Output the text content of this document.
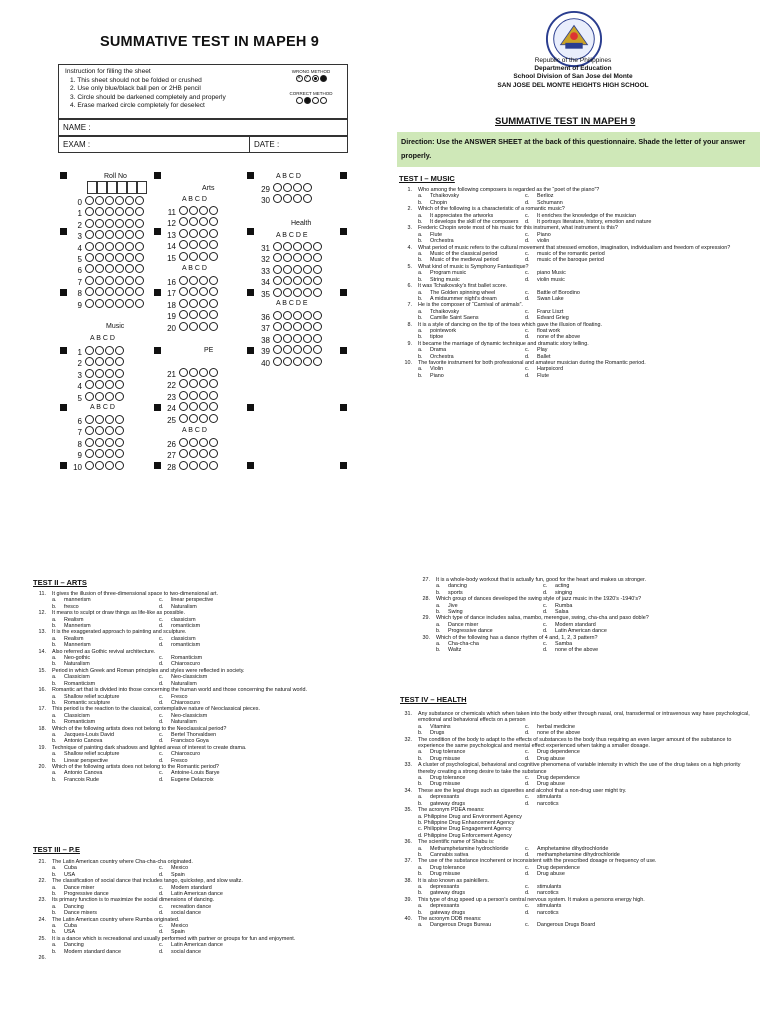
SUMMATIVE TEST IN MAPEH 9
Instruction for filling the sheet
1. This sheet should not be folded or crushed
2. Use only blue/black ball pen or 2HB pencil
3. Circle should be darkened completely and properly
4. Erase marked circle completely for deselect
WRONG METHOD
✕ ✓
CORRECT METHOD
NAME :
EXAM :	DATE :
Roll No
0
1
2
3
4
5
6
7
8
9
Music
A B C D
1
2
3
4
5
A B C D
6
7
8
9
10
Arts
A B C D
11
12
13
14
15
A B C D
16
17
18
19
20
PE
21
22
23
24
25
A B C D
26
27
28
A B C D
29
30
Health
A B C D E
31
32
33
34
35
A B C D E
36
37
38
39
40
Republic of the Philippines
Department of Education
School Division of San Jose del Monte
SAN JOSE DEL MONTE HEIGHTS HIGH SCHOOL
SUMMATIVE TEST IN MAPEH 9
Direction: Use the ANSWER SHEET at the back of this questionnaire. Shade the letter of your answer properly.
TEST I – MUSIC
1. Who among the following composers is regarded as the “poet of the piano”?
a. Tchaikovsky	c. Berlioz
b. Chopin	d. Schumann
2. Which of the following is a characteristic of a romantic music?
a. It appreciates the artworks	c. It enriches the knowledge of the musician
b. It develops the skill of the composers	d. It portrays literature, history, emotion and nature
3. Frederic Chopin wrote most of his music for this instrument, what instrument is this?
a. Flute	c. Piano
b. Orchestra	d. violin
4. What period of music refers to the cultural movement that stressed emotion, imagination, individualism and freedom of expression?
a. Music of the classical period	c. music of the romantic period
b. Music of the medieval period	d. music of the baroque period
5. What kind of music is Symphony Fantastique?
a. Program music	c. piano Music
b. String music	d. violin music
6. It was Tchaikovsky’s first ballet score.
a. The Golden spinning wheel	c. Battle of Borodino
b. A midsummer night’s dream	d. Swan Lake
7. He is the composer of “Carnival of animals”.
a. Tchaikovsky	c. Franz Liszt
b. Camille Saint Saens	d. Edvard Grieg
8. It is a style of dancing on the tip of the toes which gave the illusion of floating.
a. pointework	c. float work
b. tiptoe	d. none of the above
9. It became the marriage of dynamic technique and dramatic story telling.
a. Drama	c. Play
b. Orchestra	d. Ballet
10. The favorite instrument for both professional and amateur musician during the Romantic period.
a. Violin	c. Harpsicord
b. Piano	d. Flute
TEST II – ARTS
11. It gives the illusion of three-dimensional space to two-dimensional art.
a. mannerism	c. linear perspective
b. fresco	d. Naturalism
12. It means to sculpt or draw things as life-like as possible.
a. Realism	c. classicism
b. Mannerism	d. romanticism
13. It is the exaggerated approach to painting and sculpture.
a. Realism	c. classicism
b. Mannerism	d. romanticism
14. Also referred as Gothic revival architecture.
a. Neo-gothic	c. Romanticism
b. Naturalism	d. Chiaroscuro
15. Period in which Greek and Roman principles and styles were reflected in society.
a. Classicism	c. Neo-classicism
b. Romanticism	d. Naturalism
16. Romantic art that is divided into those concerning the human world and those concerning the natural world.
a. Shallow relief sculpture	c. Fresco
b. Romantic sculpture	d. Chiaroscuro
17. This period is the reaction to the classical, contemplative nature of Neoclassical pieces.
a. Classicism	c. Neo-classicism
b. Romanticism	d. Naturalism
18. Which of the following artists does not belong to the Neoclassical period?
a. Jacques-Louis David	c. Bertel Thorvaldsen
b. Antonio Canova	d. Francisco Goya
19. Technique of painting dark shadows and lighted areas of interest to create drama.
a. Shallow relief sculpture	c. Chiaroscuro
b. Linear perspective	d. Fresco
20. Which of the following artists does not belong to the Romantic period?
a. Antonio Canova	c. Antoine-Louis Barye
b. Francois Rude	d. Eugene Delacroix
TEST III – P.E
21. The Latin American country where Cha-cha-cha originated.
a. Cuba	c. Mexico
b. USA	d. Spain
22. The classification of social dance that includes tango, quickstep, and slow waltz.
a. Dance mixer	c. Modern standard
b. Progressive dance	d. Latin American dance
23. Its primary function is to maximize the social dimensions of dancing.
a. Dancing	c. recreation dance
b. Dance mixers	d. social dance
24. The Latin American country where Rumba originated.
a. Cuba	c. Mexico
b. USA	d. Spain
25. It is a dance which is recreational and usually performed with partner or groups for fun and enjoyment.
a. Dancing	c. Latin American dance
b. Modern standard dance	d. social dance
26.
27. It is a whole-body workout that is actually fun, good for the heart and makes us stronger.
a. dancing	c. acting
b. sports	d. singing
28. Which group of dances developed the swing style of jazz music in the 1920’s -1940’s?
a. Jive	c. Rumba
b. Swing	d. Salsa
29. Which type of dance includes salsa, mambo, merengue, swing, cha-cha and paso doble?
a. Dance mixer	c. Modern standard
b. Progressive dance	d. Latin American dance
30. Which of the following has a dance rhythm of 4 and, 1, 2, 3 pattern?
a. Cha-cha-cha	c. Samba
b. Waltz	d. none of the above
TEST IV – HEALTH
31. Any substance or chemicals which when taken into the body either through nasal, oral, transdermal or intravenous way have psychological, emotional and behavioral effects on a person
a. Vitamins	c. herbal medicine
b. Drugs	d. none of the above
32. The condition of the body to adapt to the effects of substances to the body thus requiring an even larger amount of the substance to experience the same psychological and mental effect experienced when taking a smaller dosage.
a. Drug tolerance	c. Drug dependence
b. Drug misuse	d. Drug abuse
33. A cluster of psychological, behavioral and cognitive phenomena of variable intensity in which the use of the drug takes on a high priority thereby creating a strong desire to take the substance
a. Drug tolerance	c. Drug dependence
b. Drug misuse	d. Drug abuse
34. These are the legal drugs such as cigarettes and alcohol that a non-drug user might try.
a. depressants	c. stimulants
b. gateway drugs	d. narcotics
35. The acronym PDEA means:
a. Philippine Drug and Environment Agency
b. Philippine Drug Enhancement Agency
c. Philippine Drug Engagement Agency
d. Philippine Drug Enforcement Agency
36. The scientific name of Shabu is:
a. Methamphetamine hydrochloride	c. Amphetamine dihydrochloride
b. Cannabis sativa	d. methamphetamine dihydrochloride
37. The use of the substance incoherent or inconsistent with the prescribed dosage or frequency of use.
a. Drug tolerance	c. Drug dependence
b. Drug misuse	d. Drug abuse
38. It is also known as painkillers.
a. depressants	c. stimulants
b. gateway drugs	d. narcotics
39. This type of drug speed up a person’s central nervous system. It makes a persons energy high.
a. depressants	c. stimulants
b. gateway drugs	d. narcotics
40. The acronym DDB means:
a. Dangerous Drugs Bureau	c. Dangerous Drugs Board
